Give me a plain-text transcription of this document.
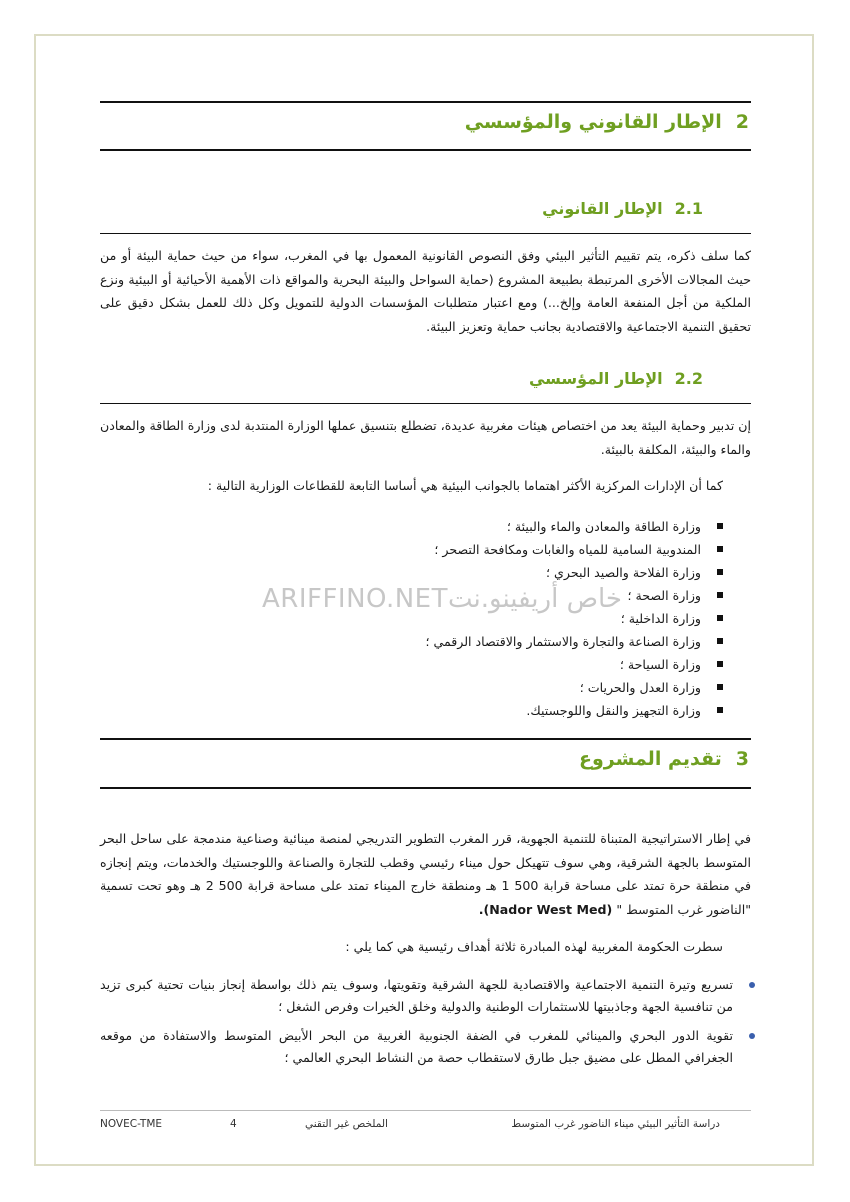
2الإطار القانوني والمؤسسي
2.1الإطار القانوني

كما سلف ذكره، يتم تقييم التأثير البيئي وفق النصوص القانونية المعمول بها في المغرب، سواء من حيث حماية البيئة أو من حيث المجالات الأخرى المرتبطة بطبيعة المشروع (حماية السواحل والبيئة البحرية والمواقع ذات الأهمية الأحيائية أو البيئية ونزع الملكية من أجل المنفعة العامة وإلخ...) ومع اعتبار متطلبات المؤسسات الدولية للتمويل وكل ذلك للعمل بشكل دقيق على تحقيق التنمية الاجتماعية والاقتصادية بجانب حماية وتعزيز البيئة.

2.2الإطار المؤسسي

إن تدبير وحماية البيئة يعد من اختصاص هيئات مغربية عديدة، تضطلع بتنسيق عملها الوزارة المنتدبة لدى وزارة الطاقة والمعادن والماء والبيئة، المكلفة بالبيئة.

كما أن الإدارات المركزية الأكثر اهتماما بالجوانب البيئية هي أساسا التابعة للقطاعات الوزارية التالية :

وزارة الطاقة والمعادن والماء والبيئة ؛
المندوبية السامية للمياه والغابات ومكافحة التصحر ؛
وزارة الفلاحة والصيد البحري ؛
وزارة الصحة ؛
وزارة الداخلية ؛
وزارة الصناعة والتجارة والاستثمار والاقتصاد الرقمي ؛
وزارة السياحة ؛
وزارة العدل والحريات ؛
وزارة التجهيز والنقل واللوجستيك.
3تقديم المشروع

في إطار الاستراتيجية المتبناة للتنمية الجهوية، قرر المغرب التطوير التدريجي لمنصة مينائية وصناعية مندمجة على ساحل البحر المتوسط بالجهة الشرقية، وهي سوف تتهيكل حول ميناء رئيسي وقطب للتجارة والصناعة واللوجستيك والخدمات، ويتم إنجازه في منطقة حرة تمتد على مساحة قرابة 500 1 هـ ومنطقة خارج الميناء تمتد على مساحة قرابة 500 2 هـ وهو تحت تسمية "الناضور غرب المتوسط " (Nador West Med).

سطرت الحكومة المغربية لهذه المبادرة ثلاثة أهداف رئيسية هي كما يلي :

تسريع وتيرة التنمية الاجتماعية والاقتصادية للجهة الشرقية وتقويتها، وسوف يتم ذلك بواسطة إنجاز بنيات تحتية كبرى تزيد من تنافسية الجهة وجاذبيتها للاستثمارات الوطنية والدولية وخلق الخيرات وفرص الشغل ؛
تقوية الدور البحري والمينائي للمغرب في الضفة الجنوبية الغربية من البحر الأبيض المتوسط والاستفادة من موقعه الجغرافي المطل على مضيق جبل طارق لاستقطاب حصة من النشاط البحري العالمي ؛
ARIFFINO.NETخاص أريفينو.نت
NOVEC-TME	4	الملخص غير التقني	دراسة التأثير البيئي ميناء الناضور غرب المتوسط
